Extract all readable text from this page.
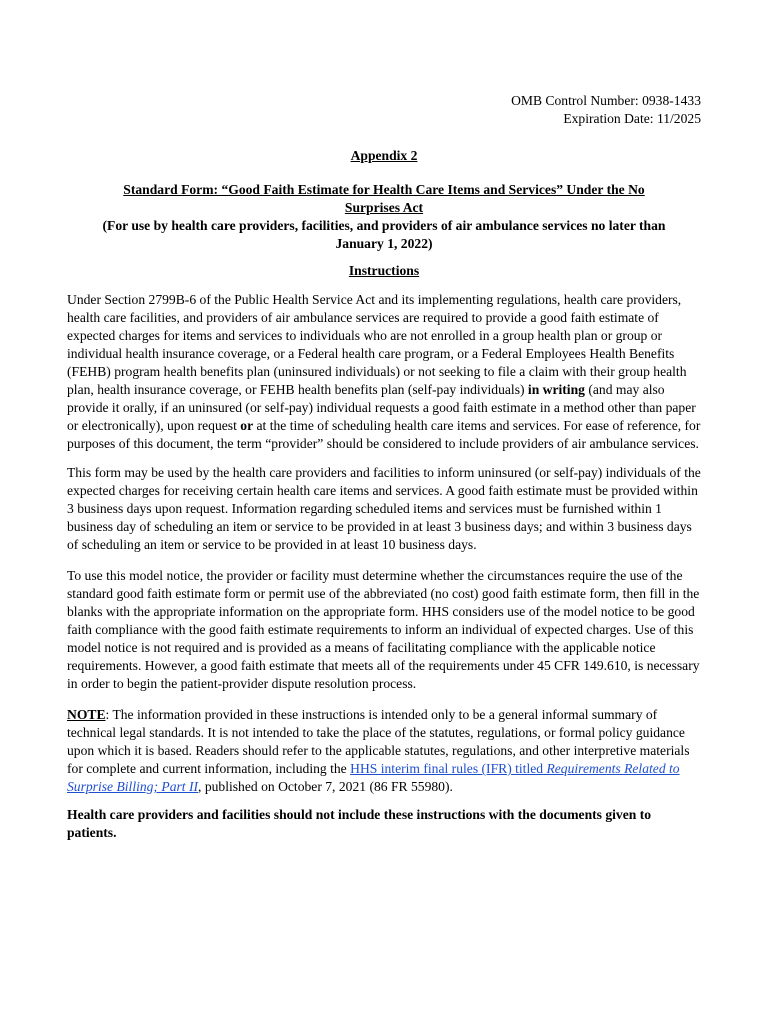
OMB Control Number: 0938-1433
Expiration Date: 11/2025
Appendix 2
Standard Form: “Good Faith Estimate for Health Care Items and Services” Under the No
Surprises Act
(For use by health care providers, facilities, and providers of air ambulance services no later than
January 1, 2022)
Instructions

Under Section 2799B-6 of the Public Health Service Act and its implementing regulations, health care providers, health care facilities, and providers of air ambulance services are required to provide a good faith estimate of expected charges for items and services to individuals who are not enrolled in a group health plan or group or individual health insurance coverage, or a Federal health care program, or a Federal Employees Health Benefits (FEHB) program health benefits plan (uninsured individuals) or not seeking to file a claim with their group health plan, health insurance coverage, or FEHB health benefits plan (self-pay individuals) in writing (and may also provide it orally, if an uninsured (or self-pay) individual requests a good faith estimate in a method other than paper or electronically), upon request or at the time of scheduling health care items and services. For ease of reference, for purposes of this document, the term “provider” should be considered to include providers of air ambulance services.

This form may be used by the health care providers and facilities to inform uninsured (or self-pay) individuals of the expected charges for receiving certain health care items and services. A good faith estimate must be provided within 3 business days upon request. Information regarding scheduled items and services must be furnished within 1 business day of scheduling an item or service to be provided in at least 3 business days; and within 3 business days of scheduling an item or service to be provided in at least 10 business days.

To use this model notice, the provider or facility must determine whether the circumstances require the use of the standard good faith estimate form or permit use of the abbreviated (no cost) good faith estimate form, then fill in the blanks with the appropriate information on the appropriate form. HHS considers use of the model notice to be good faith compliance with the good faith estimate requirements to inform an individual of expected charges. Use of this model notice is not required and is provided as a means of facilitating compliance with the applicable notice requirements. However, a good faith estimate that meets all of the requirements under 45 CFR 149.610, is necessary in order to begin the patient-provider dispute resolution process.

NOTE: The information provided in these instructions is intended only to be a general informal summary of technical legal standards. It is not intended to take the place of the statutes, regulations, or formal policy guidance upon which it is based. Readers should refer to the applicable statutes, regulations, and other interpretive materials for complete and current information, including the HHS interim final rules (IFR) titled Requirements Related to Surprise Billing; Part II, published on October 7, 2021 (86 FR 55980).

Health care providers and facilities should not include these instructions with the documents given to patients.
